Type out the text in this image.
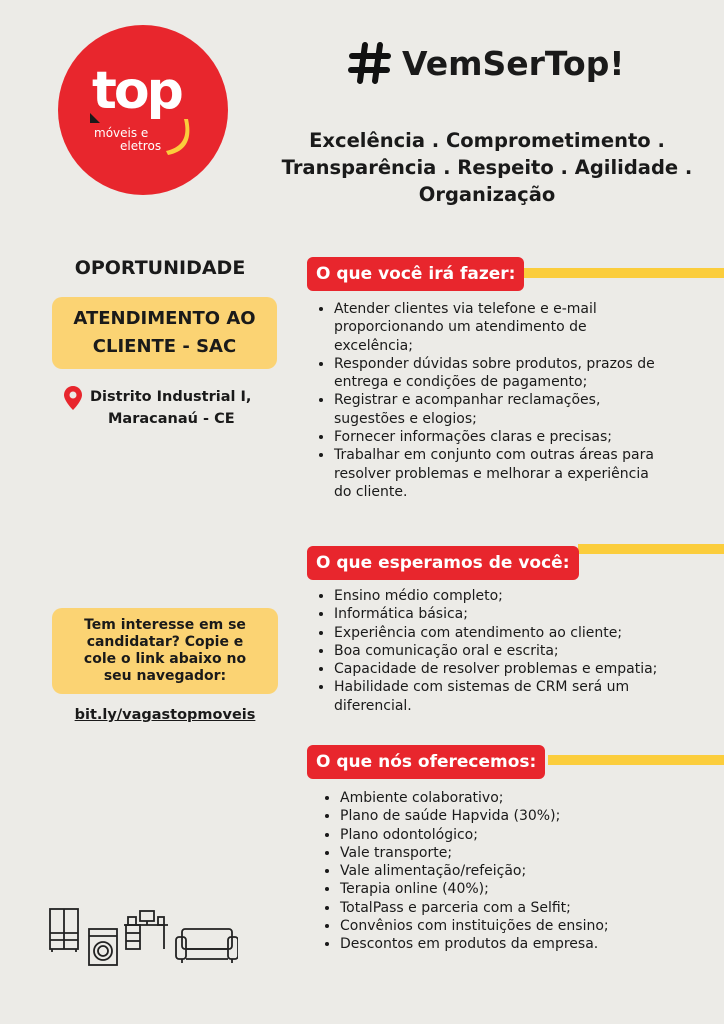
top
móveis e
eletros
VemSerTop!
Excelência . Comprometimento .
Transparência . Respeito . Agilidade .
Organização
OPORTUNIDADE
ATENDIMENTO AO
CLIENTE - SAC
Distrito Industrial I,
Maracanaú - CE
Tem interesse em se
candidatar? Copie e
cole o link abaixo no
seu navegador:
bit.ly/vagastopmoveis
O que você irá fazer:
• Atender clientes via telefone e e-mail
proporcionando um atendimento de
excelência;
• Responder dúvidas sobre produtos, prazos de
entrega e condições de pagamento;
• Registrar e acompanhar reclamações,
sugestões e elogios;
• Fornecer informações claras e precisas;
• Trabalhar em conjunto com outras áreas para
resolver problemas e melhorar a experiência
do cliente.
O que esperamos de você:
• Ensino médio completo;
• Informática básica;
• Experiência com atendimento ao cliente;
• Boa comunicação oral e escrita;
• Capacidade de resolver problemas e empatia;
• Habilidade com sistemas de CRM será um
diferencial.
O que nós oferecemos:
• Ambiente colaborativo;
• Plano de saúde Hapvida (30%);
• Plano odontológico;
• Vale transporte;
• Vale alimentação/refeição;
• Terapia online (40%);
• TotalPass e parceria com a Selfit;
• Convênios com instituições de ensino;
• Descontos em produtos da empresa.
